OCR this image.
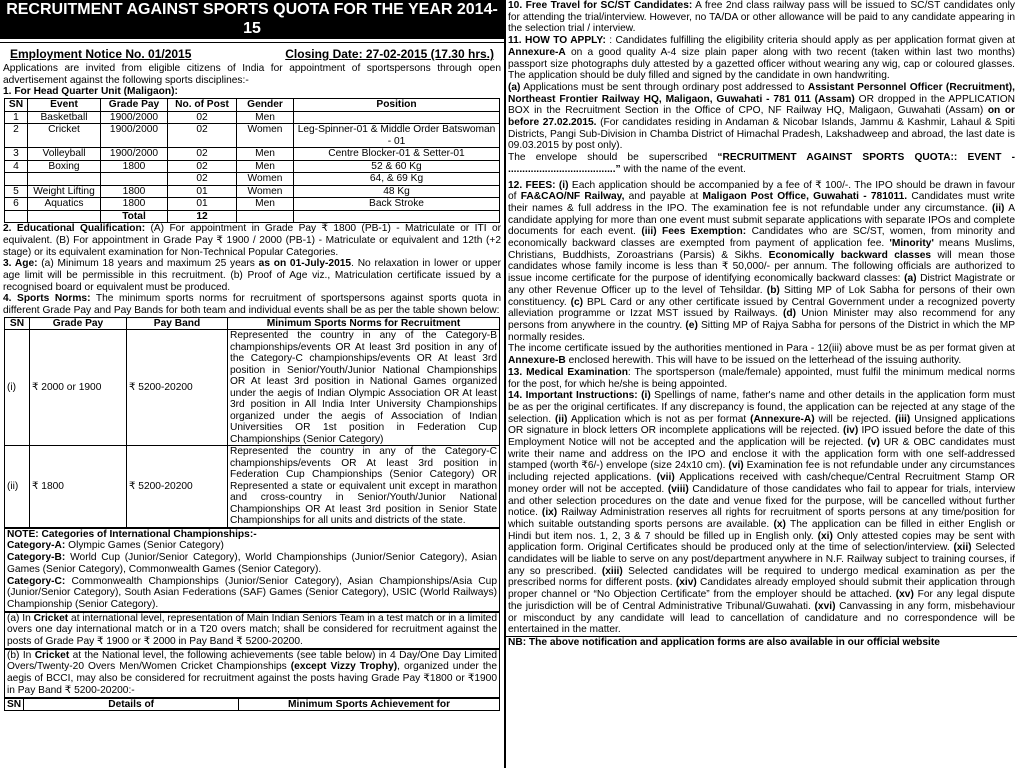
RECRUITMENT AGAINST SPORTS QUOTA FOR THE YEAR 2014-15
Employment Notice No. 01/2015	Closing Date: 27-02-2015 (17.30 hrs.)

Applications are invited from eligible citizens of India for appointment of sportspersons through open advertisement against the following sports disciplines:-

1. For Head Quarter Unit (Maligaon):

SN	Event	Grade Pay	No. of Post	Gender	Position
1	Basketball	1900/2000	02	Men	
2	Cricket	1900/2000	02	Women	Leg-Spinner-01 & Middle Order Batswoman - 01
3	Volleyball	1900/2000	02	Men	Centre Blocker-01 & Setter-01
4	Boxing	1800	02	Men	52 & 60 Kg
			02	Women	64, & 69 Kg
5	Weight Lifting	1800	01	Women	48 Kg
6	Aquatics	1800	01	Men	Back Stroke
		Total	12		

2. Educational Qualification: (A) For appointment in Grade Pay ₹ 1800 (PB-1) - Matriculate or ITI or equivalent. (B) For appointment in Grade Pay ₹ 1900 / 2000 (PB-1) - Matriculate or equivalent and 12th (+2 stage) or its equivalent examination for Non-Technical Popular Categories.

3. Age: (a) Minimum 18 years and maximum 25 years as on 01-July-2015. No relaxation in lower or upper age limit will be permissible in this recruitment. (b) Proof of Age viz., Matriculation certificate issued by a recognised board or equivalent must be produced.

4. Sports Norms: The minimum sports norms for recruitment of sportspersons against sports quota in different Grade Pay and Pay Bands for both team and individual events shall be as per the table shown below:

SN	Grade Pay	Pay Band	Minimum Sports Norms for Recruitment
(i)	₹ 2000 or 1900	₹ 5200-20200	Represented the country in any of the Category-B championships/events OR At least 3rd position in any of the Category-C championships/events OR At least 3rd position in Senior/Youth/Junior National Championships OR At least 3rd position in National Games organized under the aegis of Indian Olympic Association OR At least 3rd position in All India Inter University Championships organized under the aegis of Association of Indian Universities OR 1st position in Federation Cup Championships (Senior Category)
(ii)	₹ 1800	₹ 5200-20200	Represented the country in any of the Category-C championships/events OR At least 3rd position in Federation Cup Championships (Senior Category) OR Represented a state or equivalent unit except in marathon and cross-country in Senior/Youth/Junior National Championships OR At least 3rd position in Senior State Championships for all units and districts of the state.
NOTE: Categories of International Championships:-
Category-A: Olympic Games (Senior Category)
Category-B: World Cup (Junior/Senior Category), World Championships (Junior/Senior Category), Asian Games (Senior Category), Commonwealth Games (Senior Category).
Category-C: Commonwealth Championships (Junior/Senior Category), Asian Championships/Asia Cup (Junior/Senior Category), South Asian Federations (SAF) Games (Senior Category), USIC (World Railways) Championship (Senior Category).
(a) In Cricket at international level, representation of Main Indian Seniors Team in a test match or in a limited overs one day international match or in a T20 overs match; shall be considered for recruitment against the posts of Grade Pay ₹ 1900 or ₹ 2000 in Pay Band ₹ 5200-20200.
(b) In Cricket at the National level, the following achievements (see table below) in 4 Day/One Day Limited Overs/Twenty-20 Overs Men/Women Cricket Championships (except Vizzy Trophy), organized under the aegis of BCCI, may also be considered for recruitment against the posts having Grade Pay ₹1800 or ₹1900 in Pay Band ₹ 5200-20200:-
SN	Details of	Minimum Sports Achievement for

10. Free Travel for SC/ST Candidates: A free 2nd class railway pass will be issued to SC/ST candidates only for attending the trial/interview. However, no TA/DA or other allowance will be paid to any candidate appearing in the selection trial / interview.

11. HOW TO APPLY: : Candidates fulfilling the eligibility criteria should apply as per application format given at Annexure-A on a good quality A-4 size plain paper along with two recent (taken within last two months) passport size photographs duly attested by a gazetted officer without wearing any wig, cap or coloured glasses. The application should be duly filled and signed by the candidate in own handwriting.

(a) Applications must be sent through ordinary post addressed to Assistant Personnel Officer (Recruitment), Northeast Frontier Railway HQ, Maligaon, Guwahati - 781 011 (Assam) OR dropped in the APPLICATION BOX in the Recruitment Section in the Office of CPO, NF Railway HQ, Maligaon, Guwahati (Assam) on or before 27.02.2015. (For candidates residing in Andaman & Nicobar Islands, Jammu & Kashmir, Lahaul & Spiti Districts, Pangi Sub-Division in Chamba District of Himachal Pradesh, Lakshadweep and abroad, the last date is 09.03.2015 by post only).

The envelope should be superscribed “RECRUITMENT AGAINST SPORTS QUOTA:: EVENT - ......................................” with the name of the event.

12. FEES: (i) Each application should be accompanied by a fee of ₹ 100/-. The IPO should be drawn in favour of FA&CAO/NF Railway, and payable at Maligaon Post Office, Guwahati - 781011. Candidates must write their names & full address in the IPO. The examination fee is not refundable under any circumstance. (ii) A candidate applying for more than one event must submit separate applications with separate IPOs and complete documents for each event. (iii) Fees Exemption: Candidates who are SC/ST, women, from minority and economically backward classes are exempted from payment of application fee. 'Minority' means Muslims, Christians, Buddhists, Zoroastrians (Parsis) & Sikhs. Economically backward classes will mean those candidates whose family income is less than ₹ 50,000/- per annum. The following officials are authorized to issue income certificate for the purpose of identifying economically backward classes: (a) District Magistrate or any other Revenue Officer up to the level of Tehsildar. (b) Sitting MP of Lok Sabha for persons of their own constituency. (c) BPL Card or any other certificate issued by Central Government under a recognized poverty alleviation programme or Izzat MST issued by Railways. (d) Union Minister may also recommend for any persons from anywhere in the country. (e) Sitting MP of Rajya Sabha for persons of the District in which the MP normally resides.

The income certificate issued by the authorities mentioned in Para - 12(iii) above must be as per format given at Annexure-B enclosed herewith. This will have to be issued on the letterhead of the issuing authority.

13. Medical Examination: The sportsperson (male/female) appointed, must fulfil the minimum medical norms for the post, for which he/she is being appointed.

14. Important Instructions: (i) Spellings of name, father's name and other details in the application form must be as per the original certificates. If any discrepancy is found, the application can be rejected at any stage of the selection. (ii) Application which is not as per format (Annexure-A) will be rejected. (iii) Unsigned applications OR signature in block letters OR incomplete applications will be rejected. (iv) IPO issued before the date of this Employment Notice will not be accepted and the application will be rejected. (v) UR & OBC candidates must write their name and address on the IPO and enclose it with the application form with one self-addressed stamped (worth ₹6/-) envelope (size 24x10 cm). (vi) Examination fee is not refundable under any circumstances including rejected applications. (vii) Applications received with cash/cheque/Central Recruitment Stamp OR money order will not be accepted. (viii) Candidature of those candidates who fail to appear for trials, interview and other selection procedures on the date and venue fixed for the purpose, will be cancelled without further notice. (ix) Railway Administration reserves all rights for recruitment of sports persons at any time/position for which suitable outstanding sports persons are available. (x) The application can be filled in either English or Hindi but item nos. 1, 2, 3 & 7 should be filled up in English only. (xi) Only attested copies may be sent with application form. Original Certificates should be produced only at the time of selection/interview. (xii) Selected candidates will be liable to serve on any post/department anywhere in N.F. Railway subject to training courses, if any so prescribed. (xiii) Selected candidates will be required to undergo medical examination as per the prescribed norms for different posts. (xiv) Candidates already employed should submit their application through proper channel or “No Objection Certificate” from the employer should be attached. (xv) For any legal dispute the jurisdiction will be of Central Administrative Tribunal/Guwahati. (xvi) Canvassing in any form, misbehaviour or misconduct by any candidate will lead to cancellation of candidature and no correspondence will be entertained in the matter.

NB: The above notification and application forms are also available in our official website
